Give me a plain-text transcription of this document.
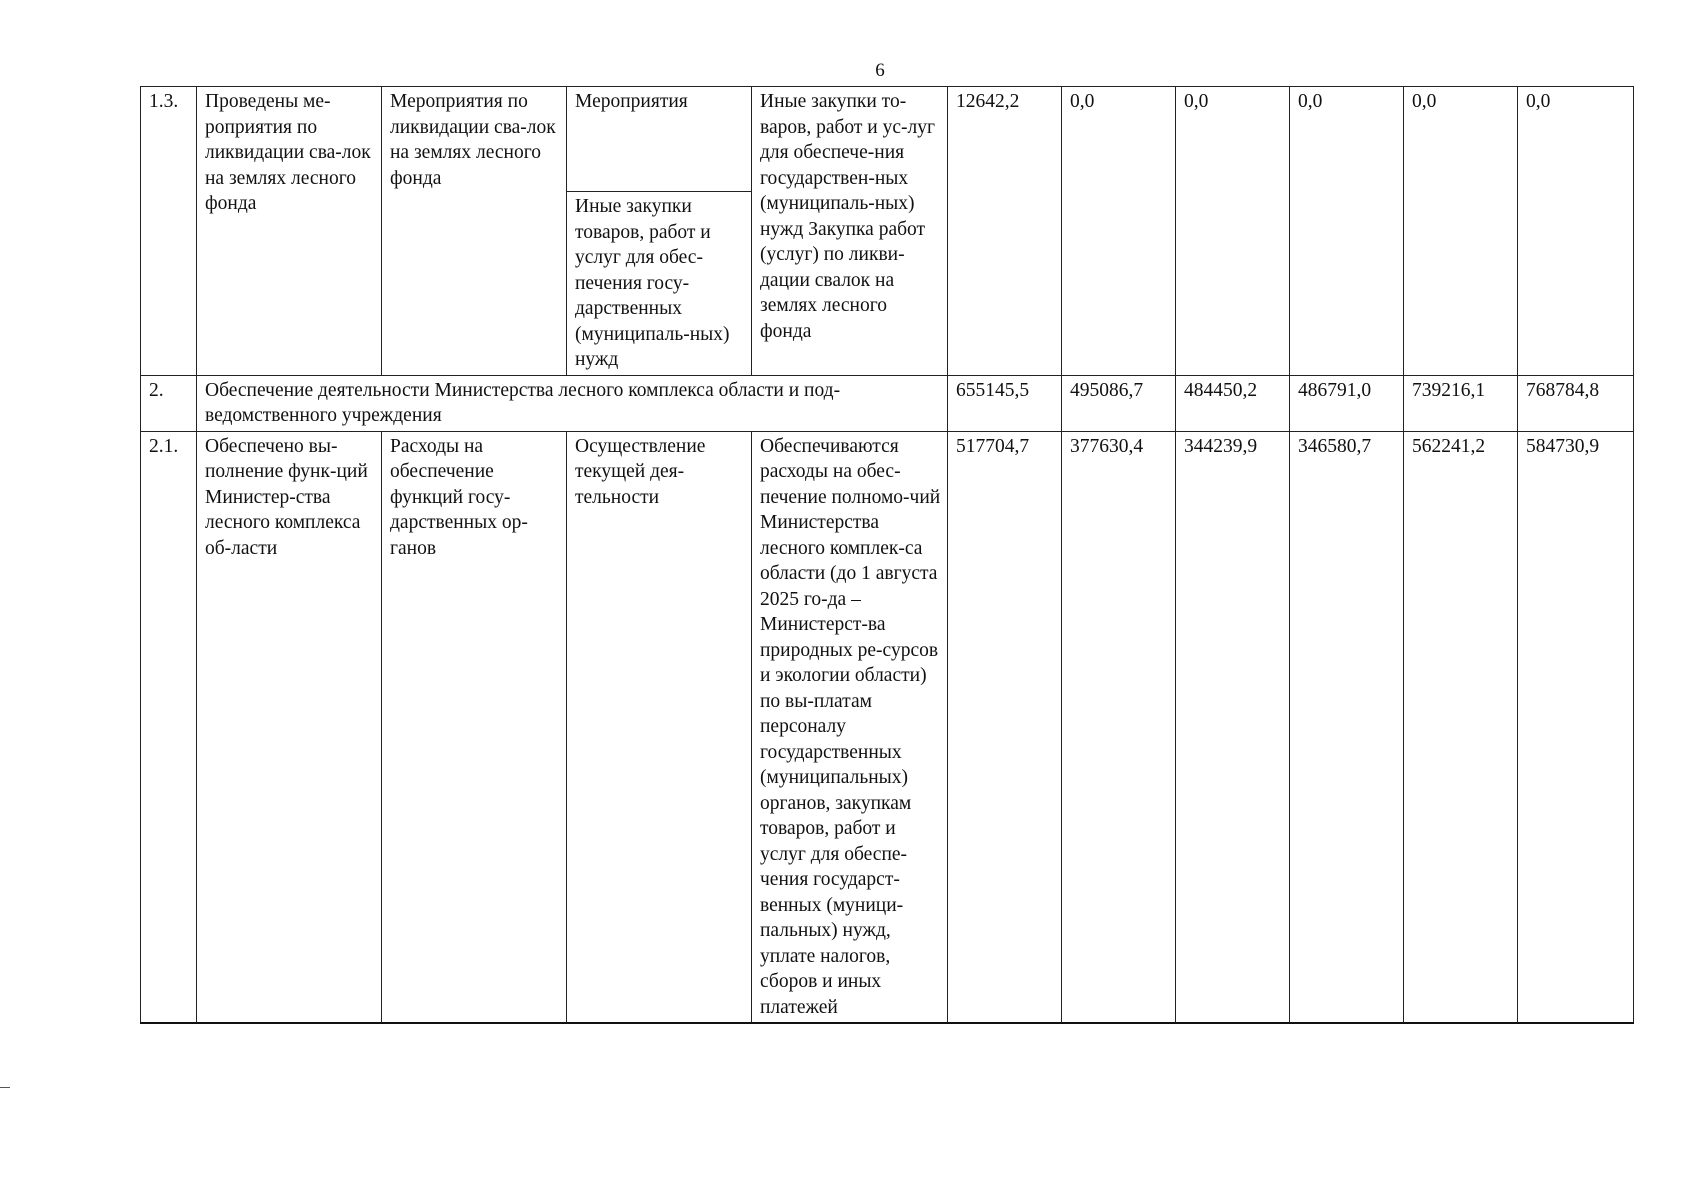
6
1.3.	Проведены ме-роприятия по ликвидации сва-лок на землях лесного фонда	Мероприятия по ликвидации сва-лок на землях лесного фонда	Мероприятия	Иные закупки то-варов, работ и ус-луг для обеспече-ния государствен-ных (муниципаль-ных) нужд Закупка работ (услуг) по ликви-дации свалок на землях лесного фонда	12642,2	0,0	0,0	0,0	0,0	0,0
			Иные закупки товаров, работ и услуг для обес-печения госу-дарственных (муниципаль-ных) нужд							
2.	Обеспечение деятельности Министерства лесного комплекса области и под-ведомственного учреждения				655145,5	495086,7	484450,2	486791,0	739216,1	768784,8
2.1.	Обеспечено вы-полнение функ-ций Министер-ства лесного комплекса об-ласти	Расходы на обеспечение функций госу-дарственных ор-ганов	Осуществление текущей дея-тельности	Обеспечиваются расходы на обес-печение полномо-чий Министерства лесного комплек-са области (до 1 августа 2025 го-да – Министерст-ва природных ре-сурсов и экологии области) по вы-платам персоналу государственных (муниципальных) органов, закупкам товаров, работ и услуг для обеспе-чения государст-венных (муници-пальных) нужд, уплате налогов, сборов и иных платежей	517704,7	377630,4	344239,9	346580,7	562241,2	584730,9
